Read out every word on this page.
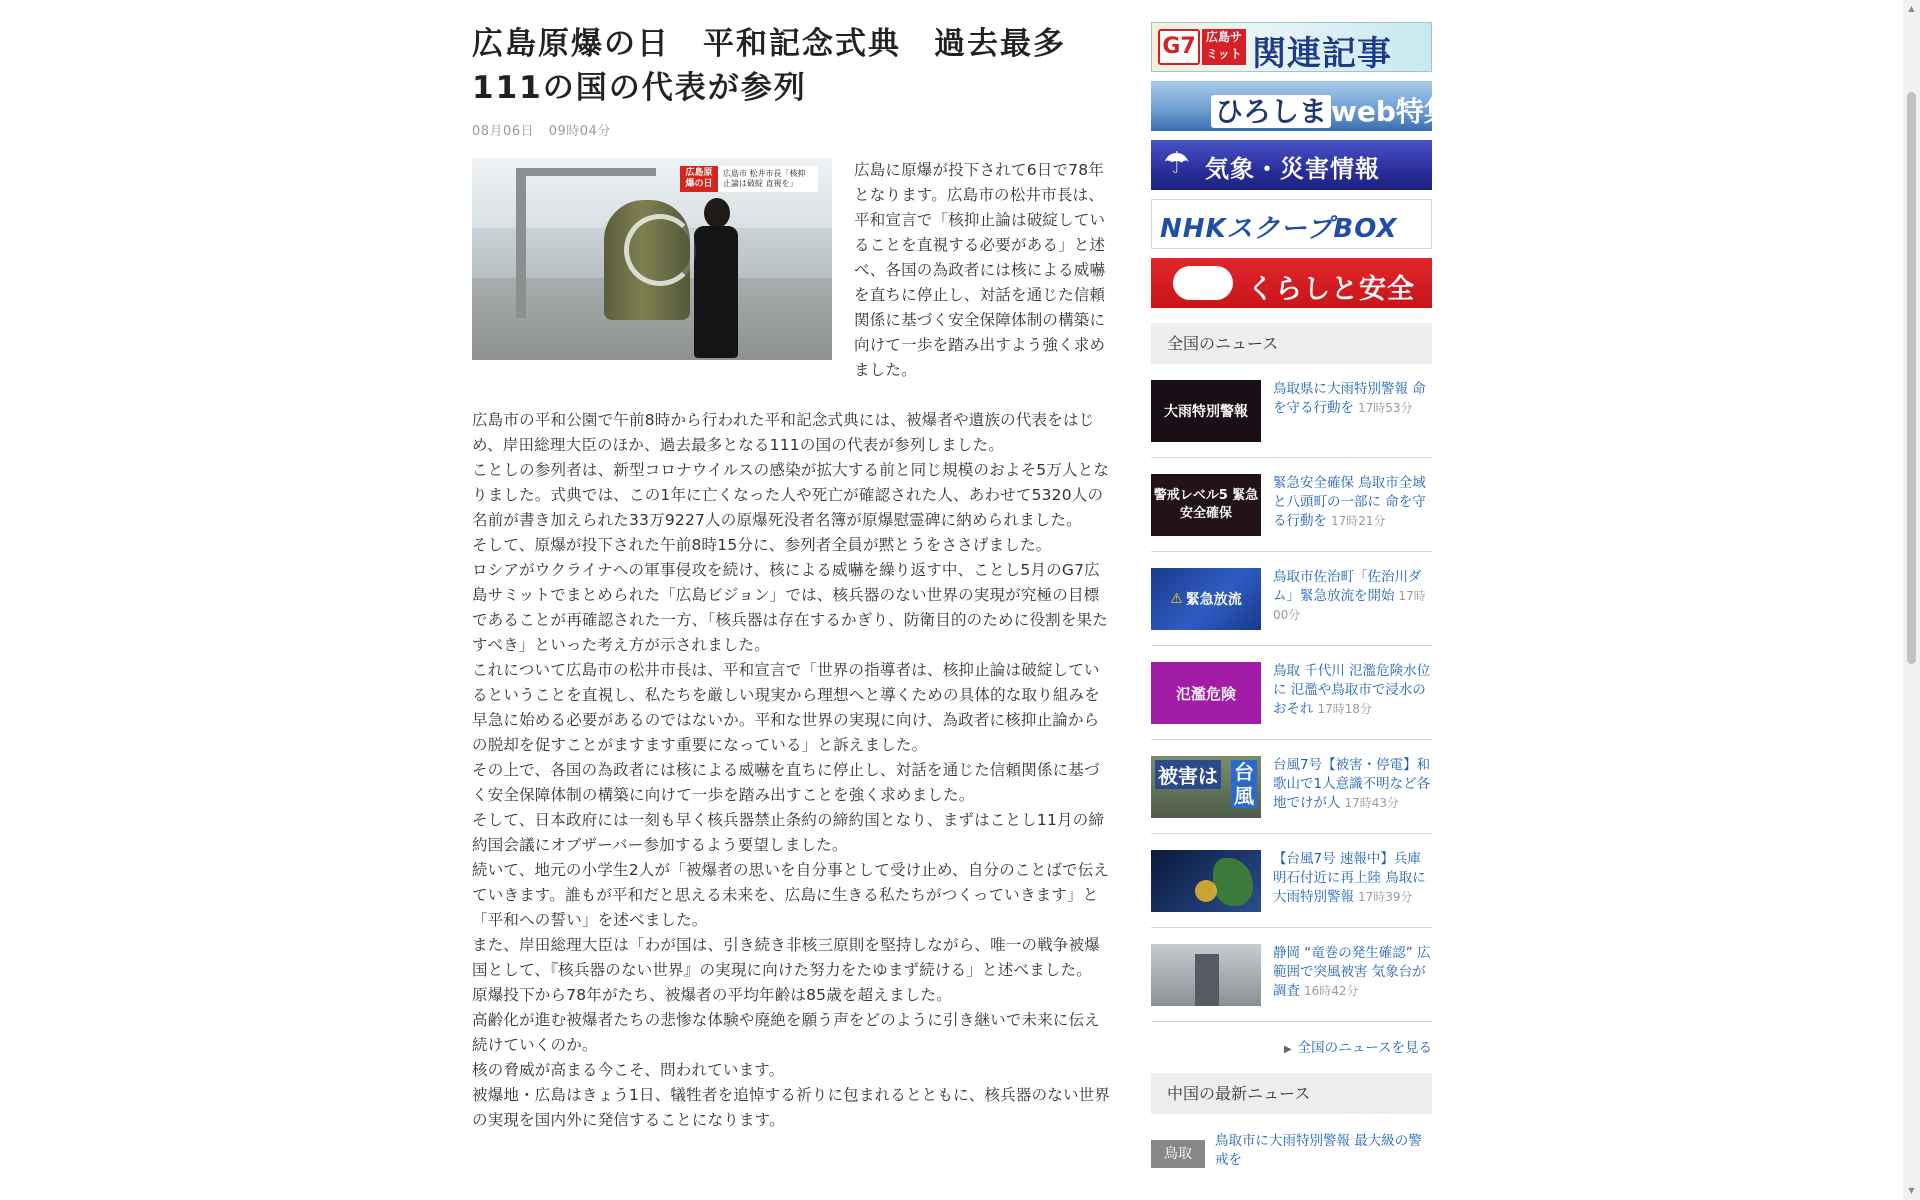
広島原爆の日　平和記念式典　過去最多111の国の代表が参列
08月06日 09時04分
広島原爆の日
広島市 松井市長「核抑止論は破綻 直視を」

広島に原爆が投下されて6日で78年となります。広島市の松井市長は、平和宣言で「核抑止論は破綻していることを直視する必要がある」と述べ、各国の為政者には核による威嚇を直ちに停止し、対話を通じた信頼関係に基づく安全保障体制の構築に向けて一歩を踏み出すよう強く求めました。

広島市の平和公園で午前8時から行われた平和記念式典には、被爆者や遺族の代表をはじめ、岸田総理大臣のほか、過去最多となる111の国の代表が参列しました。

ことしの参列者は、新型コロナウイルスの感染が拡大する前と同じ規模のおよそ5万人となりました。式典では、この1年に亡くなった人や死亡が確認された人、あわせて5320人の名前が書き加えられた33万9227人の原爆死没者名簿が原爆慰霊碑に納められました。

そして、原爆が投下された午前8時15分に、参列者全員が黙とうをささげました。

ロシアがウクライナへの軍事侵攻を続け、核による威嚇を繰り返す中、ことし5月のG7広島サミットでまとめられた「広島ビジョン」では、核兵器のない世界の実現が究極の目標であることが再確認された一方、「核兵器は存在するかぎり、防衛目的のために役割を果たすべき」といった考え方が示されました。

これについて広島市の松井市長は、平和宣言で「世界の指導者は、核抑止論は破綻しているということを直視し、私たちを厳しい現実から理想へと導くための具体的な取り組みを早急に始める必要があるのではないか。平和な世界の実現に向け、為政者に核抑止論からの脱却を促すことがますます重要になっている」と訴えました。

その上で、各国の為政者には核による威嚇を直ちに停止し、対話を通じた信頼関係に基づく安全保障体制の構築に向けて一歩を踏み出すことを強く求めました。

そして、日本政府には一刻も早く核兵器禁止条約の締約国となり、まずはことし11月の締約国会議にオブザーバー参加するよう要望しました。

続いて、地元の小学生2人が「被爆者の思いを自分事として受け止め、自分のことばで伝えていきます。誰もが平和だと思える未来を、広島に生きる私たちがつくっていきます」と「平和への誓い」を述べました。

また、岸田総理大臣は「わが国は、引き続き非核三原則を堅持しながら、唯一の戦争被爆国として、『核兵器のない世界』の実現に向けた努力をたゆまず続ける」と述べました。

原爆投下から78年がたち、被爆者の平均年齢は85歳を超えました。

高齢化が進む被爆者たちの悲惨な体験や廃絶を願う声をどのように引き継いで未来に伝え続けていくのか。

核の脅威が高まる今こそ、問われています。

被爆地・広島はきょう1日、犠牲者を追悼する祈りに包まれるとともに、核兵器のない世界の実現を国内外に発信することになります。

G7 広島サミット 関連記事
ひろしま web特集
☂ 気象・災害情報
NHKスクープBOX
くらしと安全
全国のニュース
大雨特別警報
鳥取県に大雨特別警報 命を守る行動を 17時53分
警戒レベル5 緊急安全確保
緊急安全確保 鳥取市全域と八頭町の一部に 命を守る行動を 17時21分
⚠ 緊急放流
鳥取市佐治町「佐治川ダム」緊急放流を開始 17時00分
氾濫危険
鳥取 千代川 氾濫危険水位に 氾濫や鳥取市で浸水のおそれ 17時18分
被害は 台風
台風7号【被害・停電】和歌山で1人意識不明など各地でけが人 17時43分
【台風7号 速報中】兵庫 明石付近に再上陸 鳥取に大雨特別警報 17時39分
静岡 “竜巻の発生確認” 広範囲で突風被害 気象台が調査 16時42分
▶ 全国のニュースを見る
中国の最新ニュース
鳥取
鳥取市に大雨特別警報 最大級の警戒を
▲
▼
